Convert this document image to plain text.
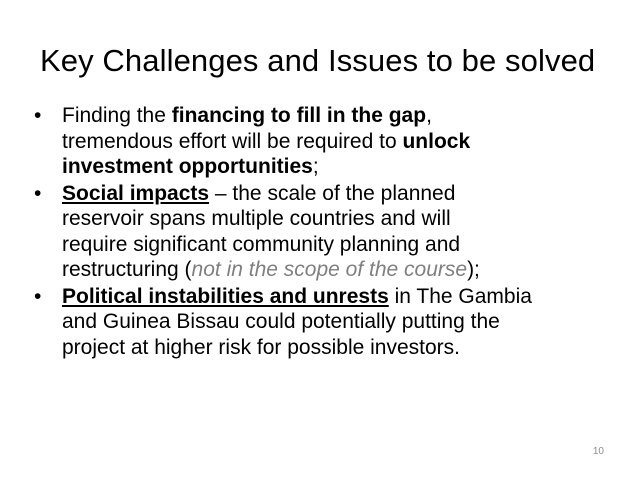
Key Challenges and Issues to be solved
• Finding the financing to fill in the gap,
tremendous effort will be required to unlock
investment opportunities;
• Social impacts – the scale of the planned
reservoir spans multiple countries and will
require significant community planning and
restructuring (not in the scope of the course);
• Political instabilities and unrests in The Gambia
and Guinea Bissau could potentially putting the
project at higher risk for possible investors.
10
